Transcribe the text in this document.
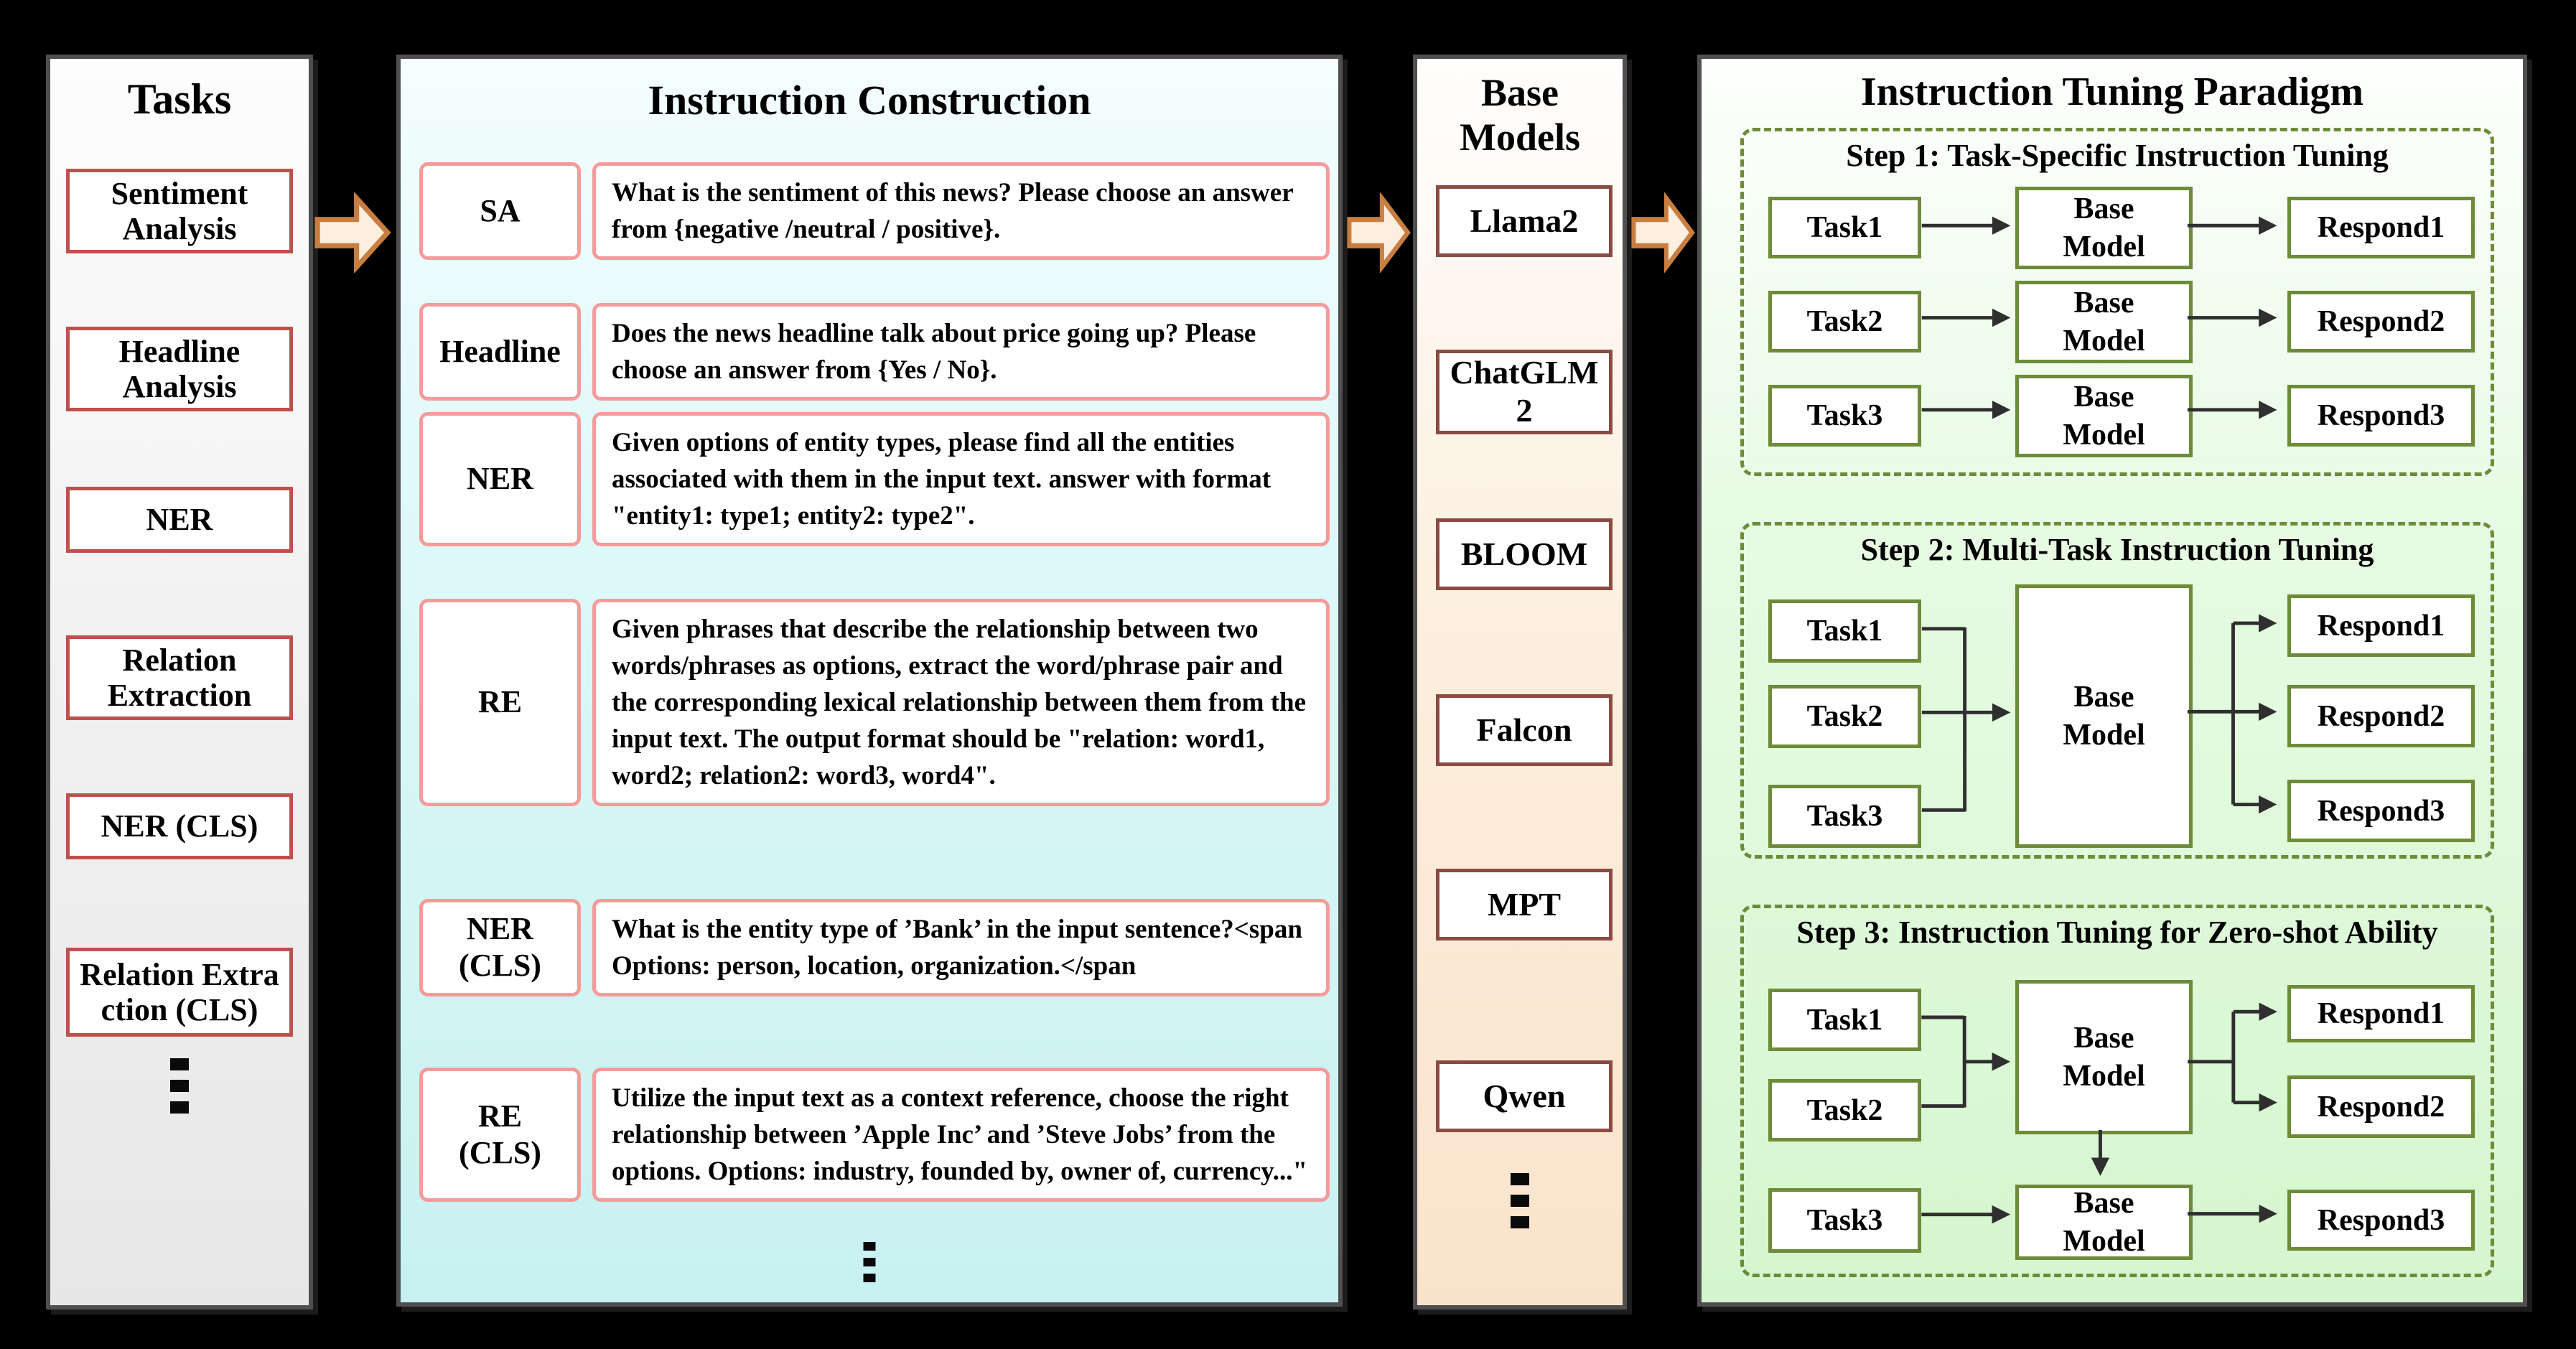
Tasks
Sentiment Analysis
Headline Analysis
NER
Relation Extraction
NER (CLS)
Relation Extraction (CLS)
Instruction Construction
SA
What is the sentiment of this news? Please choose an answer from {negative /neutral / positive}.
Headline
Does the news headline talk about price going up? Please choose an answer from {Yes / No}.
NER
Given options of entity types, please find all the entities associated with them in the input text. answer with format "entity1: type1; entity2: type2".
RE
Given phrases that describe the relationship between two words/phrases as options, extract the word/phrase pair and the corresponding lexical relationship between them from the input text. The output format should be "relation: word1, word2; relation2: word3, word4".
NER (CLS)
What is the entity type of ’Bank’ in the input sentence?<span Options: person, location, organization.</span
RE (CLS)
Utilize the input text as a context reference, choose the right relationship between ’Apple Inc’ and ’Steve Jobs’ from the options. Options: industry, founded by, owner of, currency..."
Base Models
Llama2
ChatGLM2
BLOOM
Falcon
MPT
Qwen
Instruction Tuning Paradigm
Step 1: Task-Specific Instruction Tuning
Task1
Task2
Task3
Base Model
Base Model
Base Model
Respond1
Respond2
Respond3
Step 2: Multi-Task Instruction Tuning
Task1
Task2
Task3
Base Model
Respond1
Respond2
Respond3
Step 3: Instruction Tuning for Zero-shot Ability
Task1
Task2
Task3
Base Model
Base Model
Respond1
Respond2
Respond3
